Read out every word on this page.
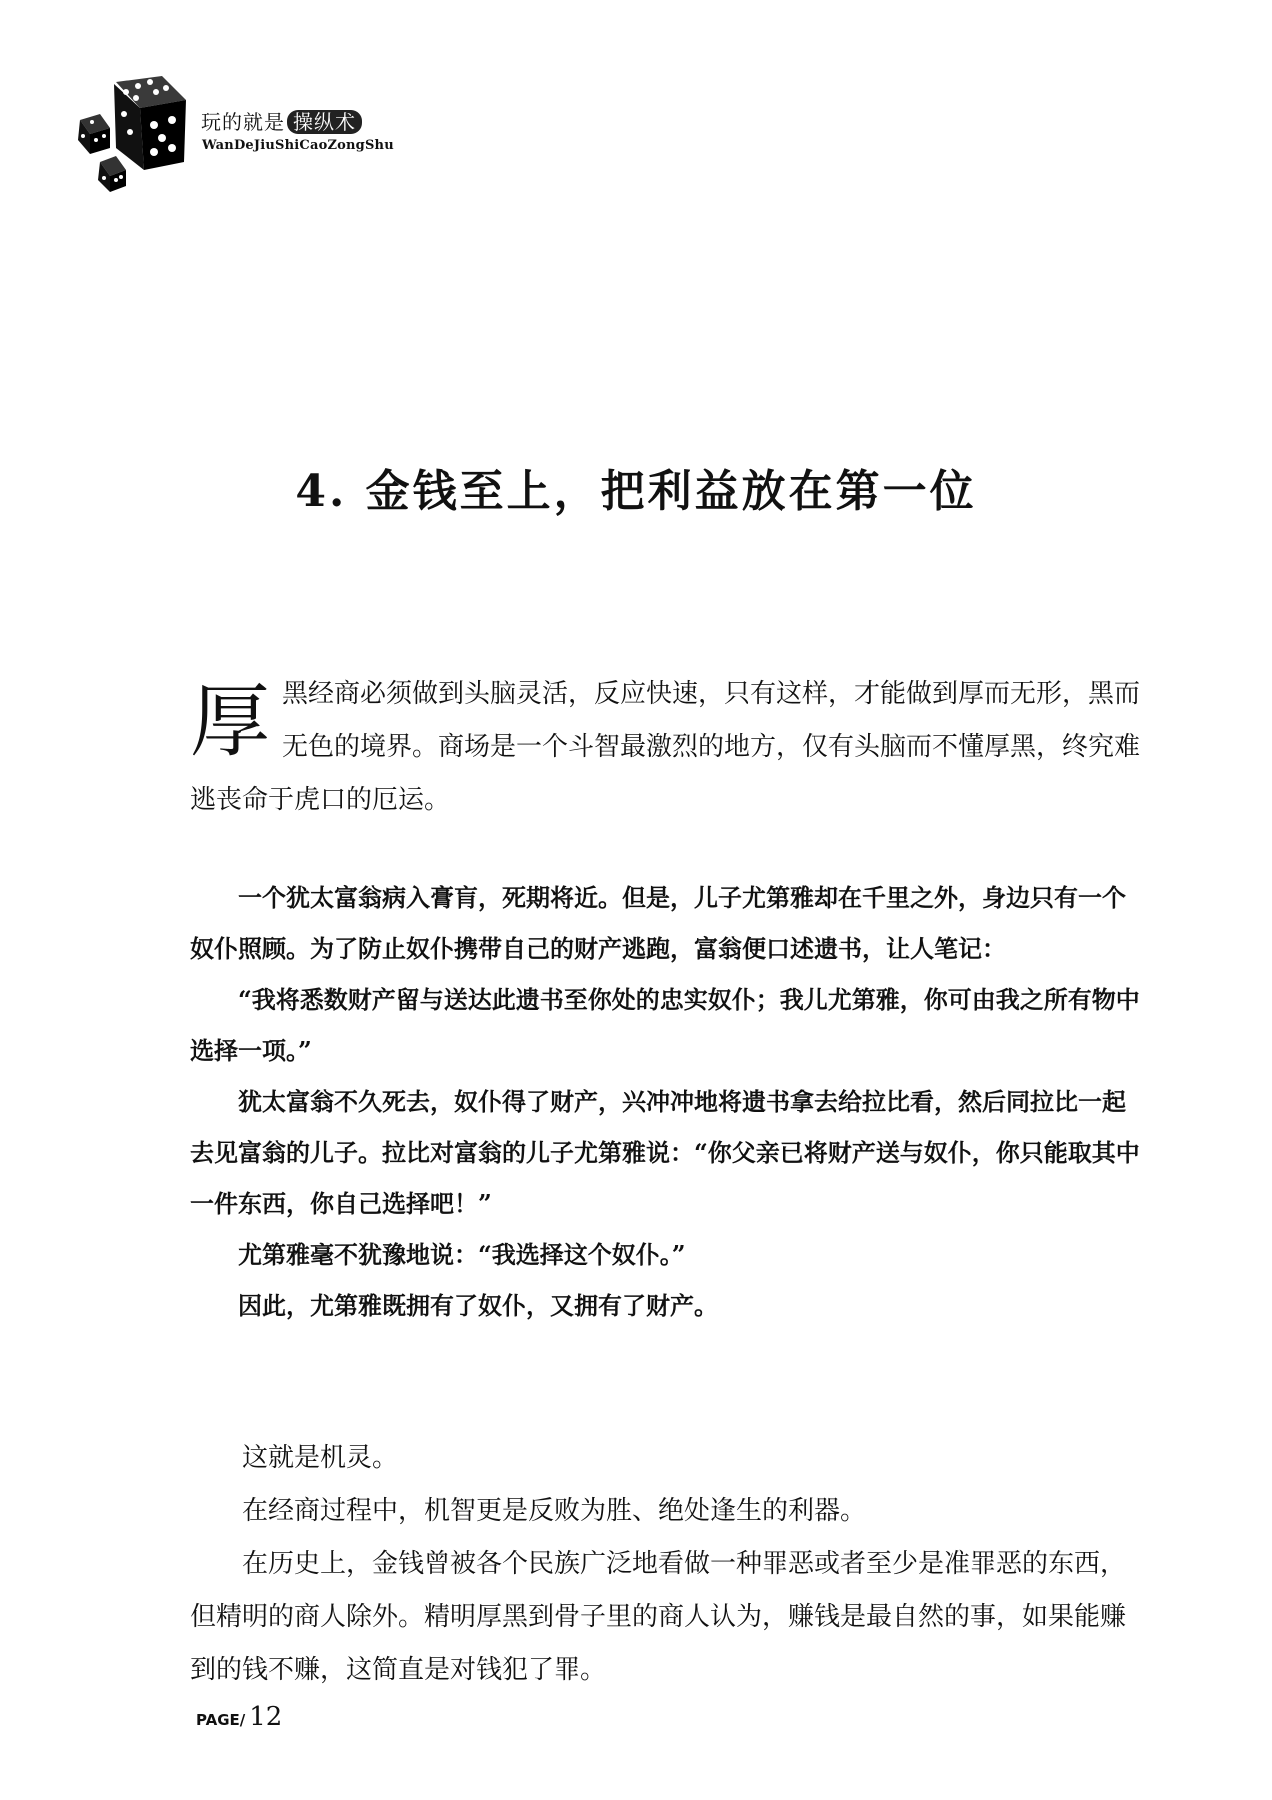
玩的就是 操纵术
WanDeJiuShiCaoZongShu
4. 金钱至上，把利益放在第一位
厚 黑经商必须做到头脑灵活，反应快速，只有这样，才能做到厚而无形，黑而无色的境界。商场是一个斗智最激烈的地方，仅有头脑而不懂厚黑，终究难逃丧命于虎口的厄运。

一个犹太富翁病入膏肓，死期将近。但是，儿子尤第雅却在千里之外，身边只有一个奴仆照顾。为了防止奴仆携带自己的财产逃跑，富翁便口述遗书，让人笔记：

“我将悉数财产留与送达此遗书至你处的忠实奴仆；我儿尤第雅，你可由我之所有物中选择一项。”

犹太富翁不久死去，奴仆得了财产，兴冲冲地将遗书拿去给拉比看，然后同拉比一起去见富翁的儿子。拉比对富翁的儿子尤第雅说：“你父亲已将财产送与奴仆，你只能取其中一件东西，你自己选择吧！”

尤第雅毫不犹豫地说：“我选择这个奴仆。”

因此，尤第雅既拥有了奴仆，又拥有了财产。

这就是机灵。

在经商过程中，机智更是反败为胜、绝处逢生的利器。

在历史上，金钱曾被各个民族广泛地看做一种罪恶或者至少是准罪恶的东西，但精明的商人除外。精明厚黑到骨子里的商人认为，赚钱是最自然的事，如果能赚到的钱不赚，这简直是对钱犯了罪。

PAGE/ 12
